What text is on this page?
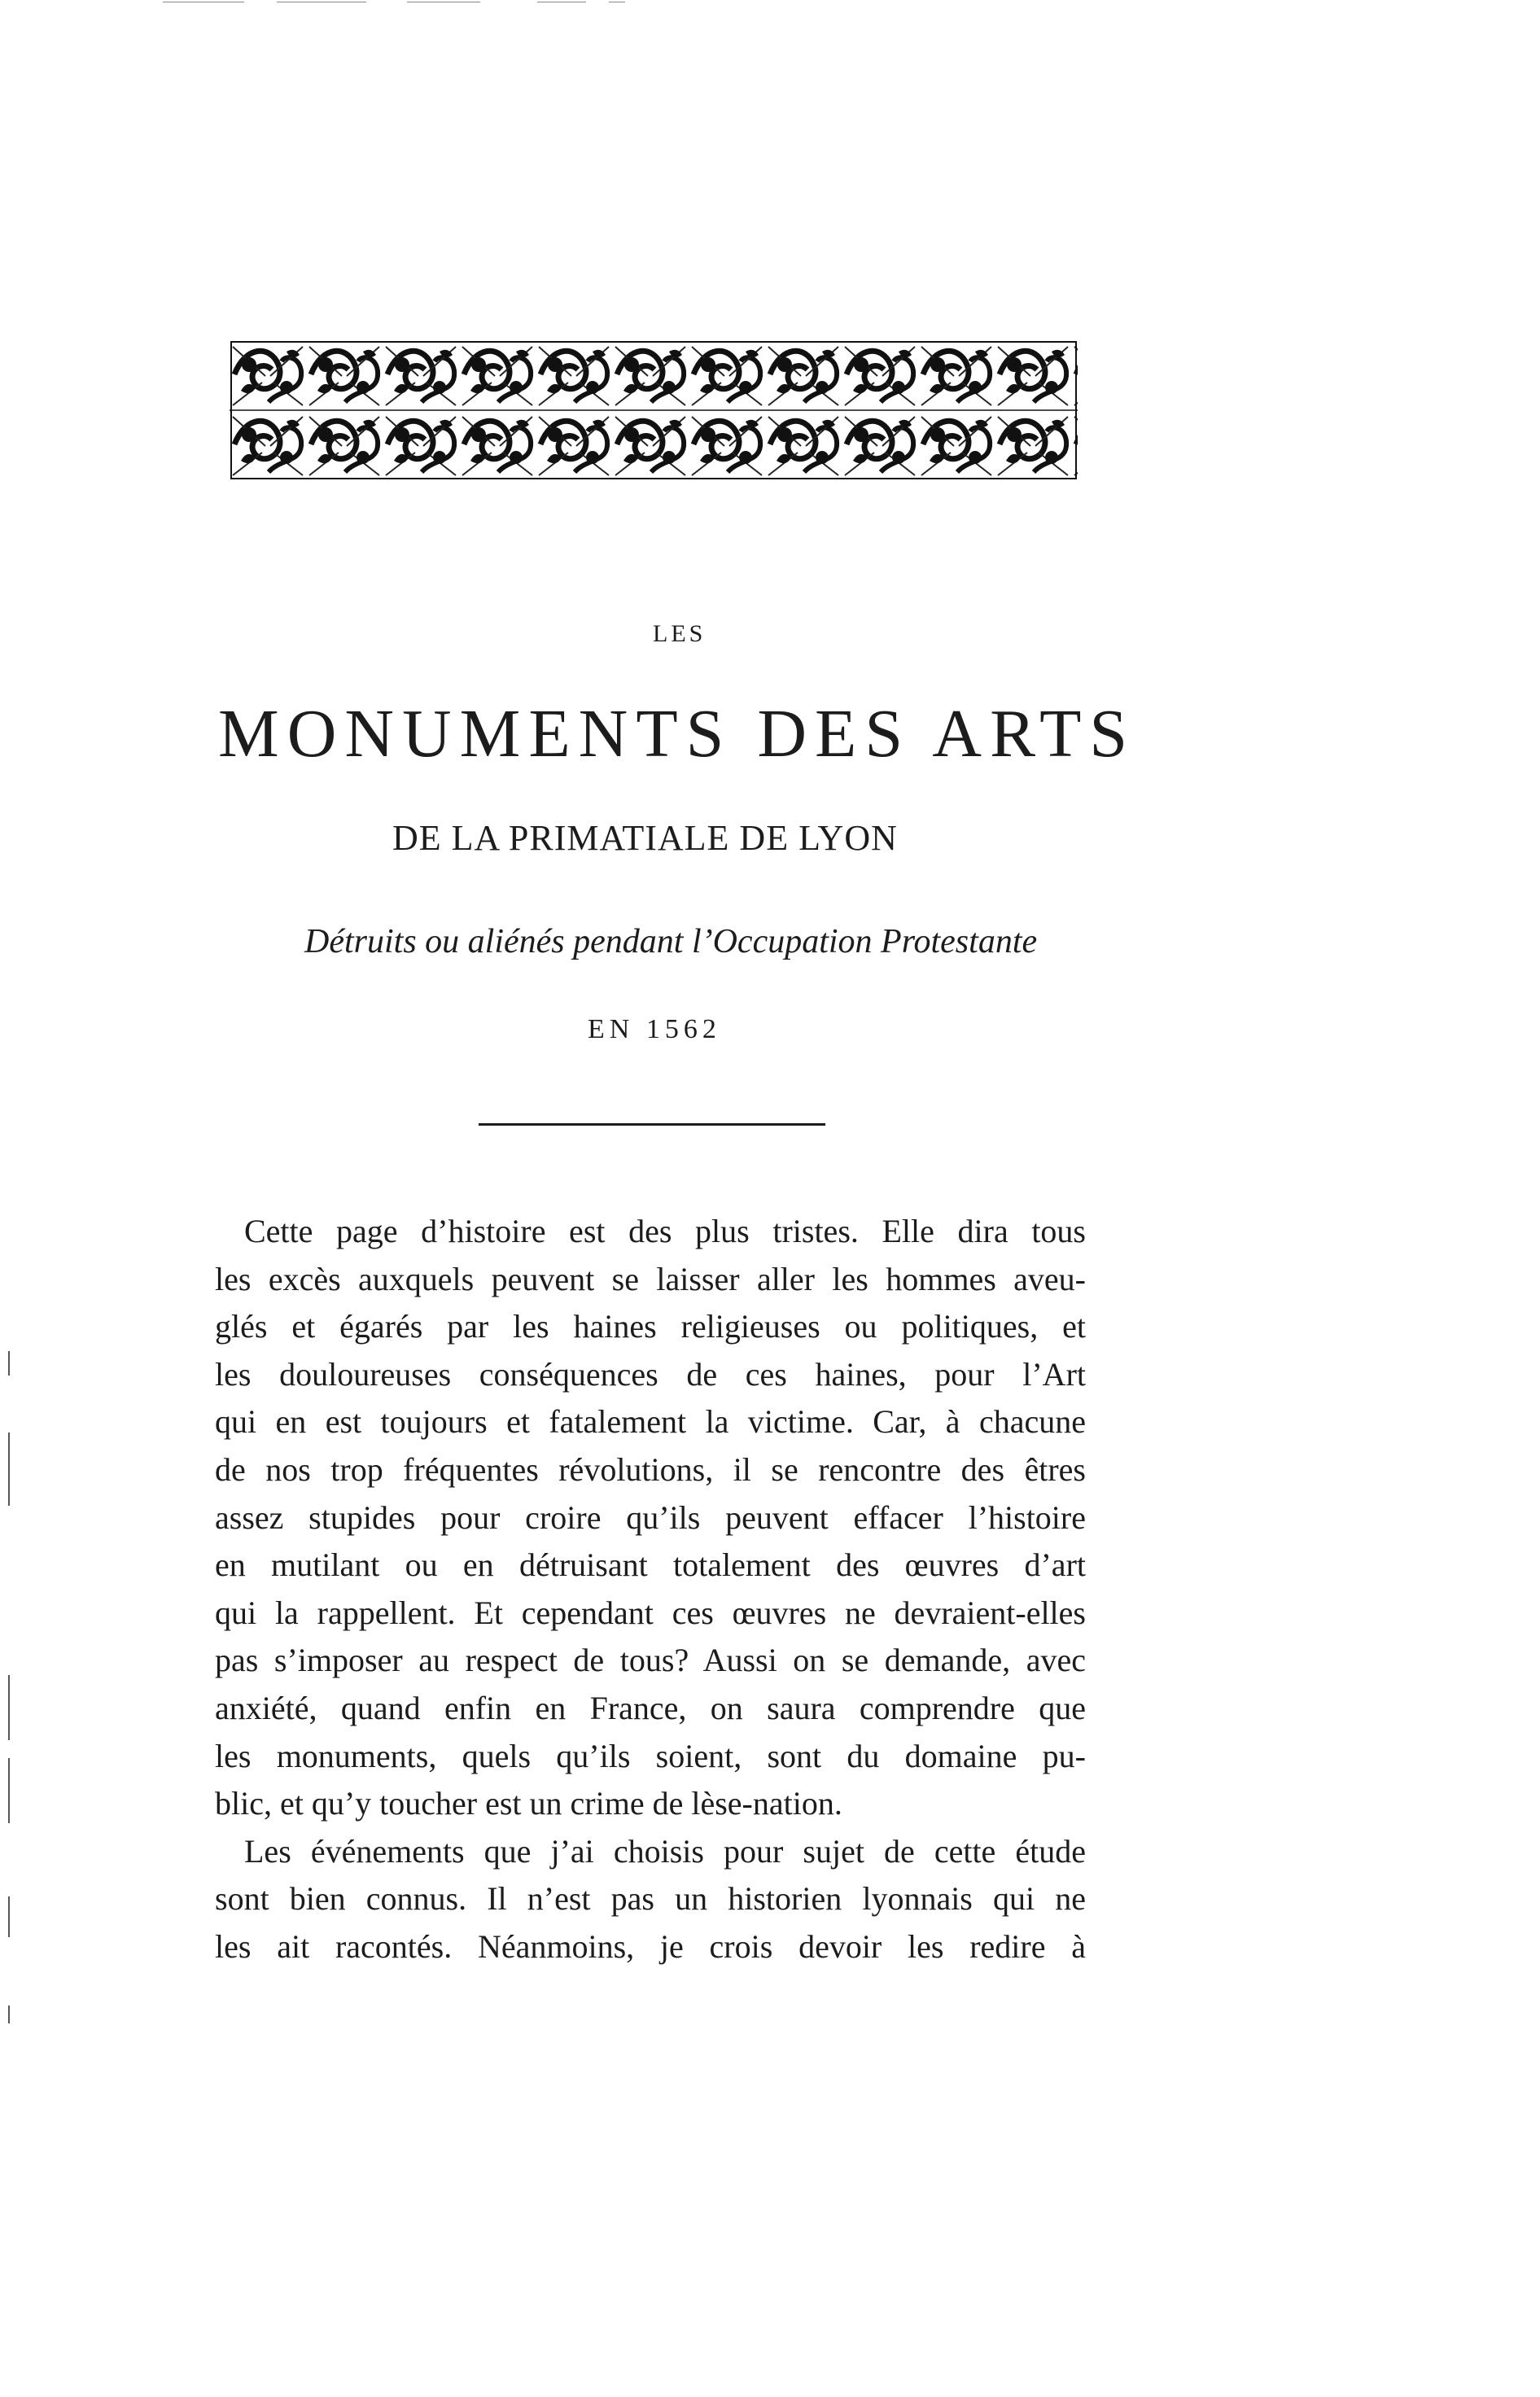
LES
MONUMENTS DES ARTS
DE LA PRIMATIALE DE LYON
Détruits ou aliénés pendant l’Occupation Protestante
EN 1562
Cette page d’histoire est des plus tristes. Elle dira tous
les excès auxquels peuvent se laisser aller les hommes aveu-
glés et égarés par les haines religieuses ou politiques, et
les douloureuses conséquences de ces haines, pour l’Art
qui en est toujours et fatalement la victime. Car, à chacune
de nos trop fréquentes révolutions, il se rencontre des êtres
assez stupides pour croire qu’ils peuvent effacer l’histoire
en mutilant ou en détruisant totalement des œuvres d’art
qui la rappellent. Et cependant ces œuvres ne devraient-elles
pas s’imposer au respect de tous? Aussi on se demande, avec
anxiété, quand enfin en France, on saura comprendre que
les monuments, quels qu’ils soient, sont du domaine pu-
blic, et qu’y toucher est un crime de lèse-nation.
Les événements que j’ai choisis pour sujet de cette étude
sont bien connus. Il n’est pas un historien lyonnais qui ne
les ait racontés. Néanmoins, je crois devoir les redire à
